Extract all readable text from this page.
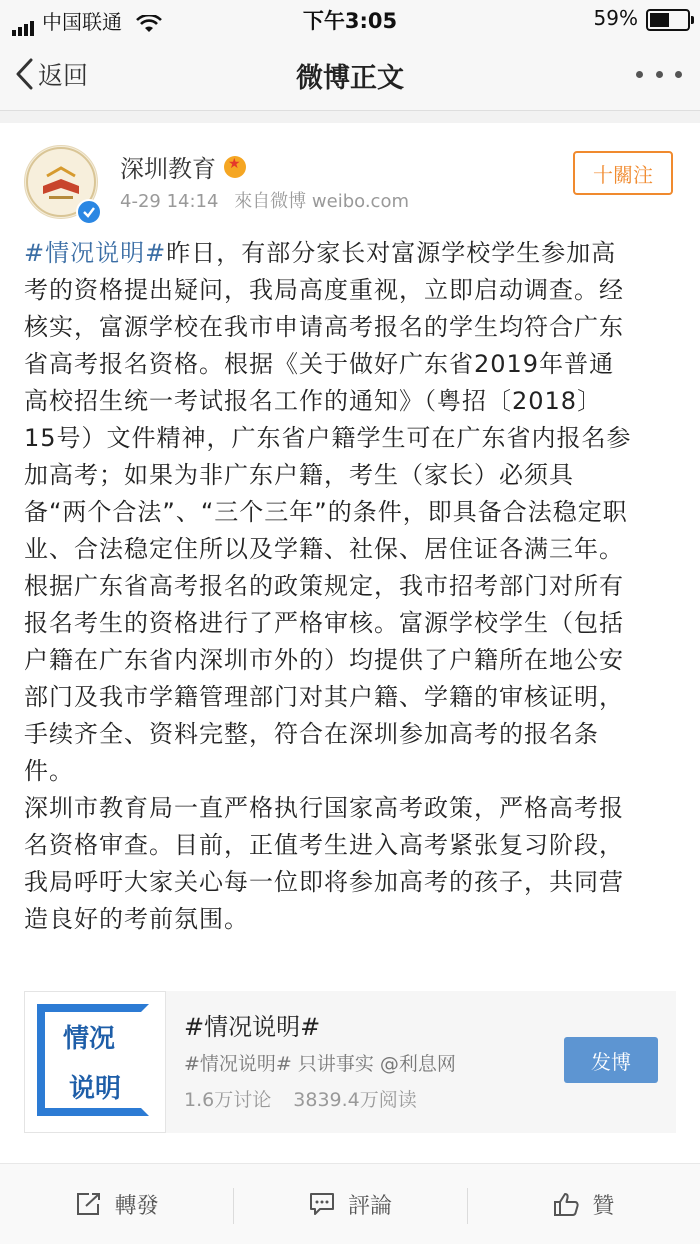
中国联通	下午3:05	59%
返回	微博正文
深圳教育
★
4-29 14:14 來自微博 weibo.com
十關注

#情况说明#昨日，有部分家长对富源学校学生参加高

考的资格提出疑问，我局高度重视，立即启动调查。经

核实，富源学校在我市申请高考报名的学生均符合广东

省高考报名资格。根据《关于做好广东省2019年普通

高校招生统一考试报名工作的通知》（粤招〔2018〕

15号）文件精神，广东省户籍学生可在广东省内报名参

加高考；如果为非广东户籍，考生（家长）必须具

备“两个合法”、“三个三年”的条件，即具备合法稳定职

业、合法稳定住所以及学籍、社保、居住证各满三年。

根据广东省高考报名的政策规定，我市招考部门对所有

报名考生的资格进行了严格审核。富源学校学生（包括

户籍在广东省内深圳市外的）均提供了户籍所在地公安

部门及我市学籍管理部门对其户籍、学籍的审核证明，

手续齐全、资料完整，符合在深圳参加高考的报名条

件。

深圳市教育局一直严格执行国家高考政策，严格高考报

名资格审查。目前，正值考生进入高考紧张复习阶段，

我局呼吁大家关心每一位即将参加高考的孩子，共同营

造良好的考前氛围。

情况
说明
#情况说明#
#情况说明# 只讲事实 @利息网
1.6万讨论 3839.4万阅读
发博
轉發	評論	贊
